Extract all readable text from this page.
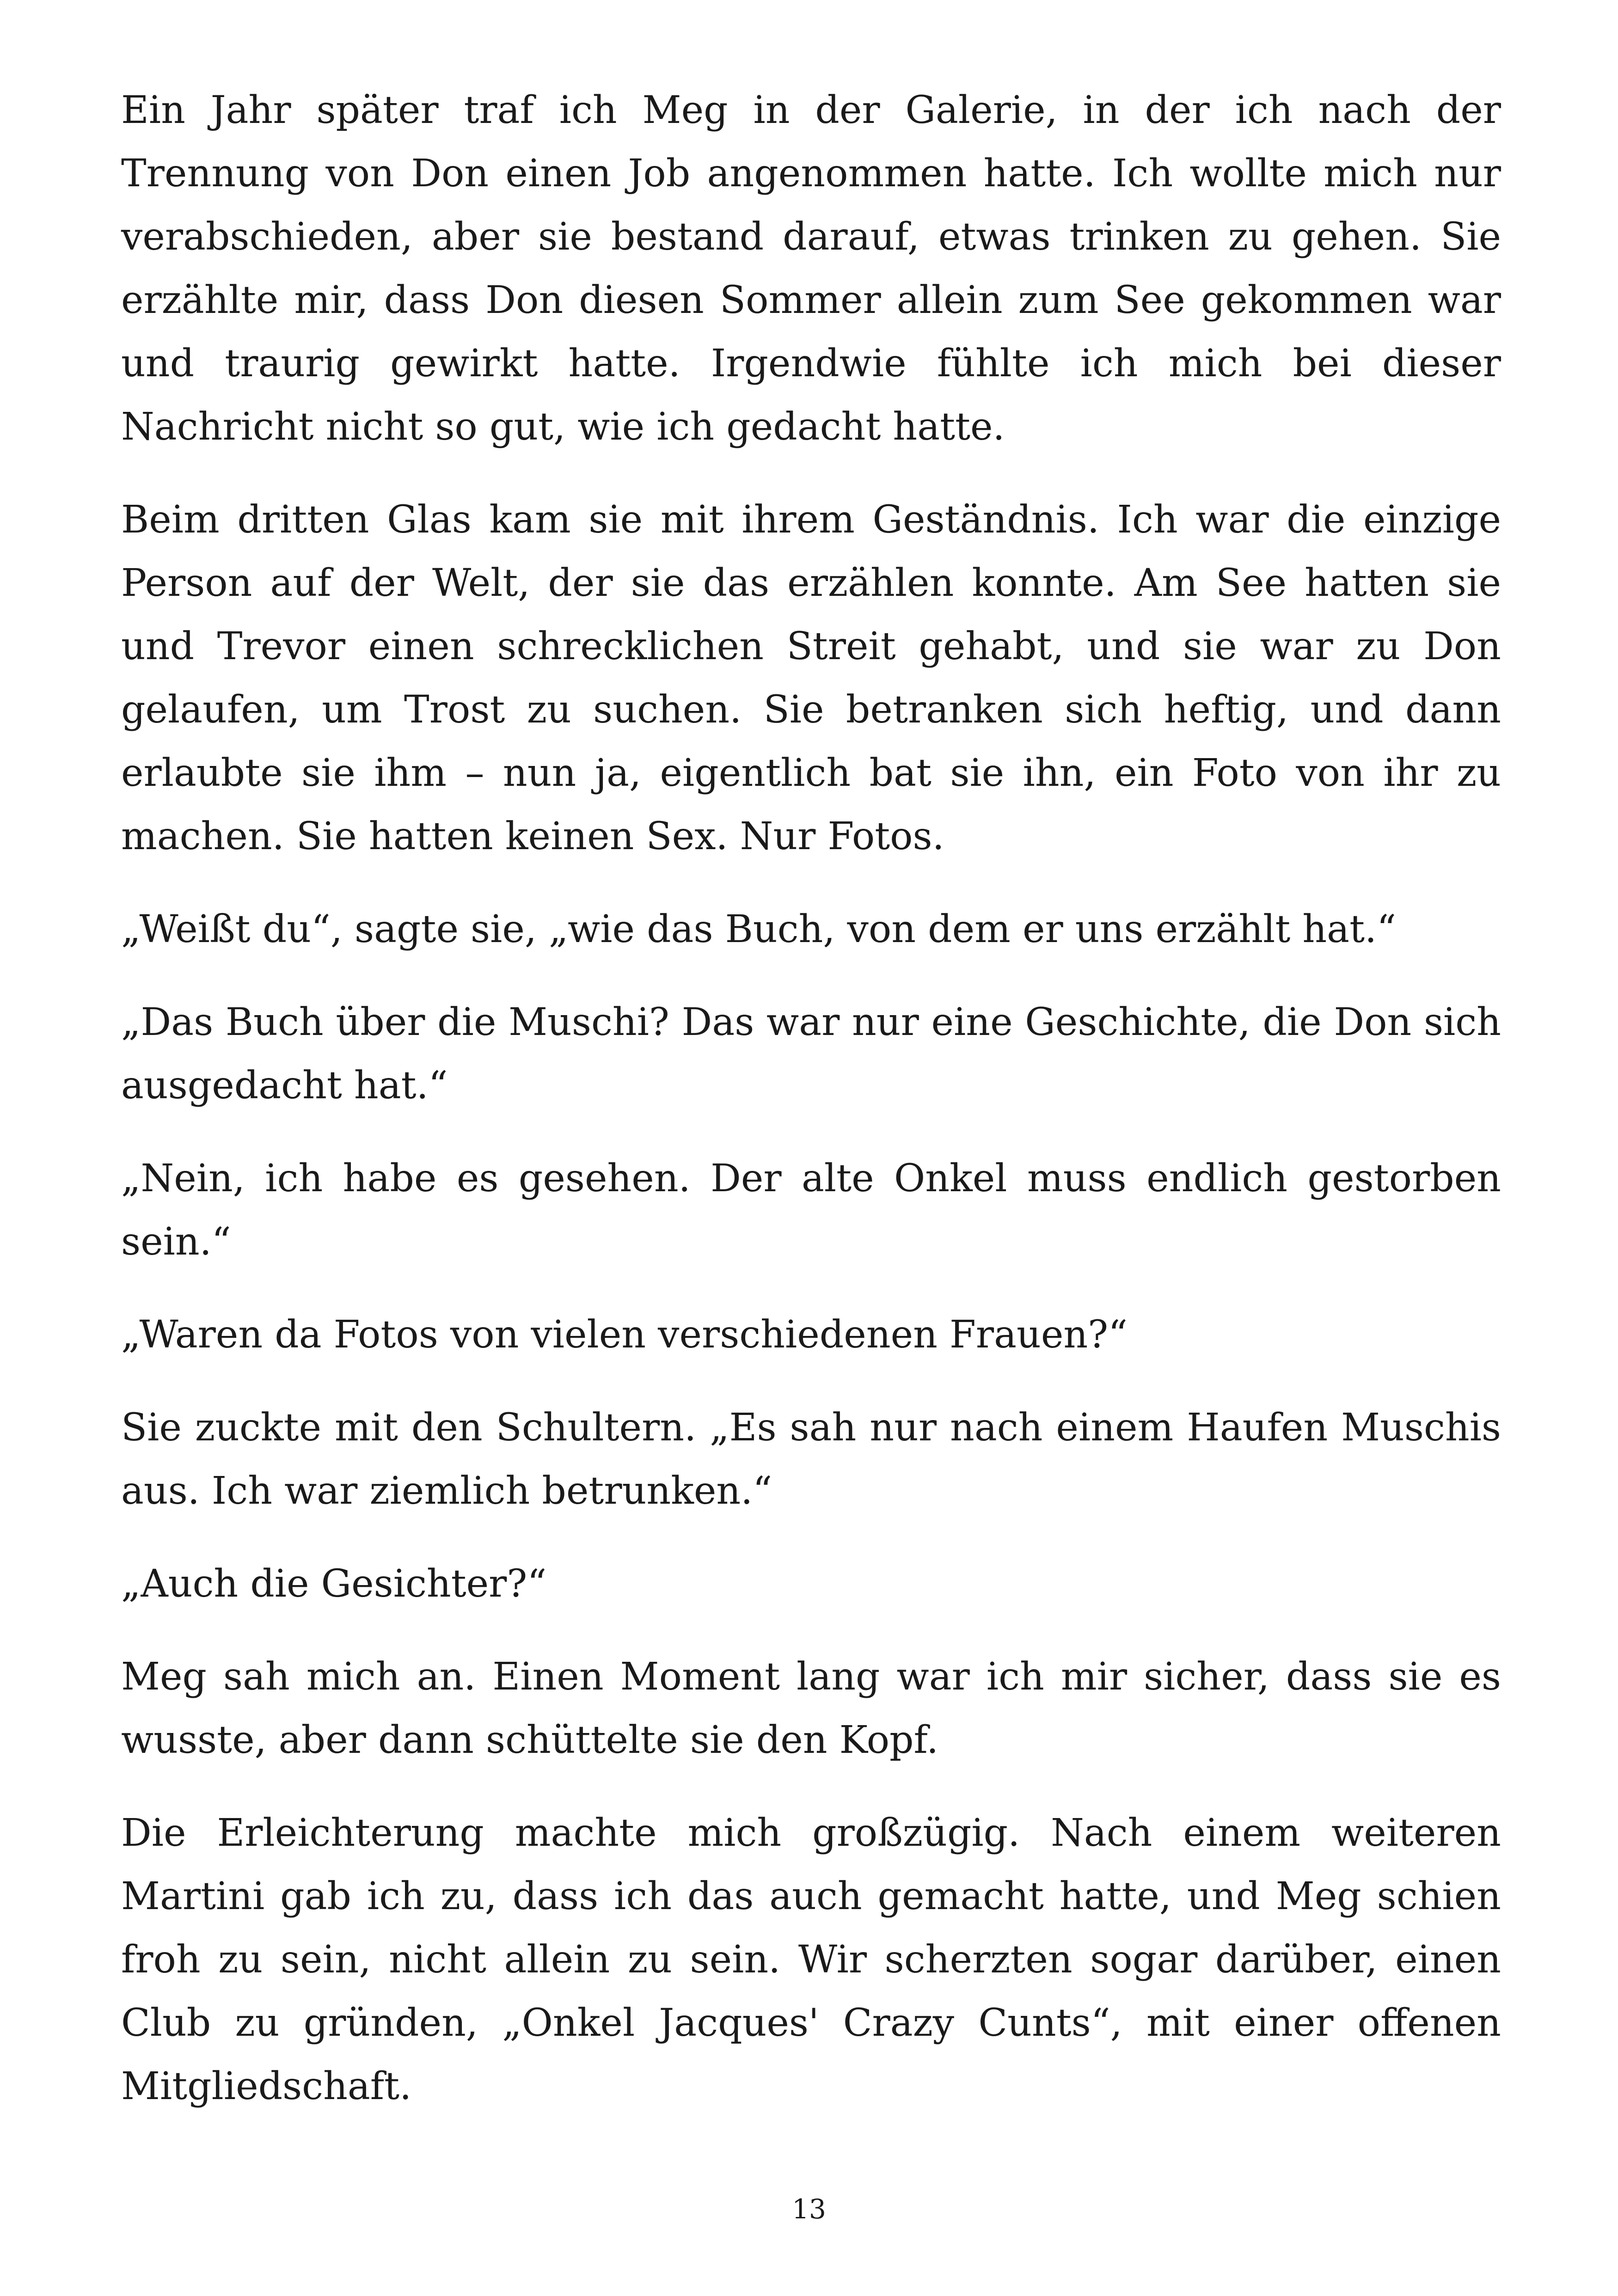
Ein Jahr später traf ich Meg in der Galerie, in der ich nach der Trennung von Don einen Job angenommen hatte. Ich wollte mich nur verabschieden, aber sie bestand darauf, etwas trinken zu gehen. Sie erzählte mir, dass Don diesen Sommer allein zum See gekommen war und traurig gewirkt hatte. Irgendwie fühlte ich mich bei dieser Nachricht nicht so gut, wie ich gedacht hatte.

Beim dritten Glas kam sie mit ihrem Geständnis. Ich war die einzige Person auf der Welt, der sie das erzählen konnte. Am See hatten sie und Trevor einen schrecklichen Streit gehabt, und sie war zu Don gelaufen, um Trost zu suchen. Sie betranken sich heftig, und dann erlaubte sie ihm – nun ja, eigentlich bat sie ihn, ein Foto von ihr zu machen. Sie hatten keinen Sex. Nur Fotos.

„Weißt du“, sagte sie, „wie das Buch, von dem er uns erzählt hat.“

„Das Buch über die Muschi? Das war nur eine Geschichte, die Don sich ausgedacht hat.“

„Nein, ich habe es gesehen. Der alte Onkel muss endlich gestorben sein.“

„Waren da Fotos von vielen verschiedenen Frauen?“

Sie zuckte mit den Schultern. „Es sah nur nach einem Haufen Muschis aus. Ich war ziemlich betrunken.“

„Auch die Gesichter?“

Meg sah mich an. Einen Moment lang war ich mir sicher, dass sie es wusste, aber dann schüttelte sie den Kopf.

Die Erleichterung machte mich großzügig. Nach einem weiteren Martini gab ich zu, dass ich das auch gemacht hatte, und Meg schien froh zu sein, nicht allein zu sein. Wir scherzten sogar darüber, einen Club zu gründen, „Onkel Jacques' Crazy Cunts“, mit einer offenen Mitgliedschaft.

13
